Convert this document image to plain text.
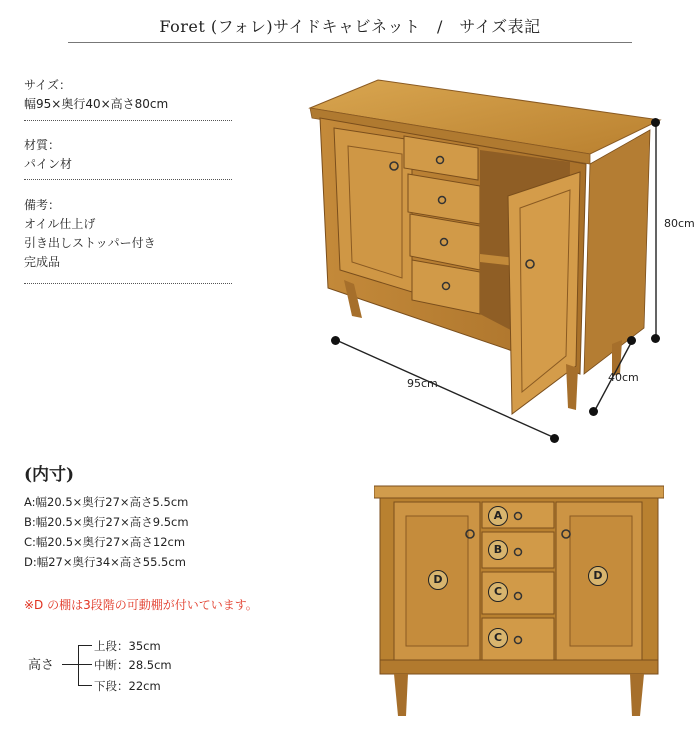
Foret (フォレ)サイドキャビネット　/　サイズ表記
サイズ：
幅95×奥行40×高さ80cm
材質：
パイン材
備考：
オイル仕上げ
引き出しストッパー付き
完成品
95cm	40cm
80cm
(内寸)
A:幅20.5×奥行27×高さ5.5cm
B:幅20.5×奥行27×高さ9.5cm
C:幅20.5×奥行27×高さ12cm
D:幅27×奥行34×高さ55.5cm
※D の棚は3段階の可動棚が付いています。
高さ
上段：35cm
中断：28.5cm
下段：22cm
A
B
C
C
D	D
